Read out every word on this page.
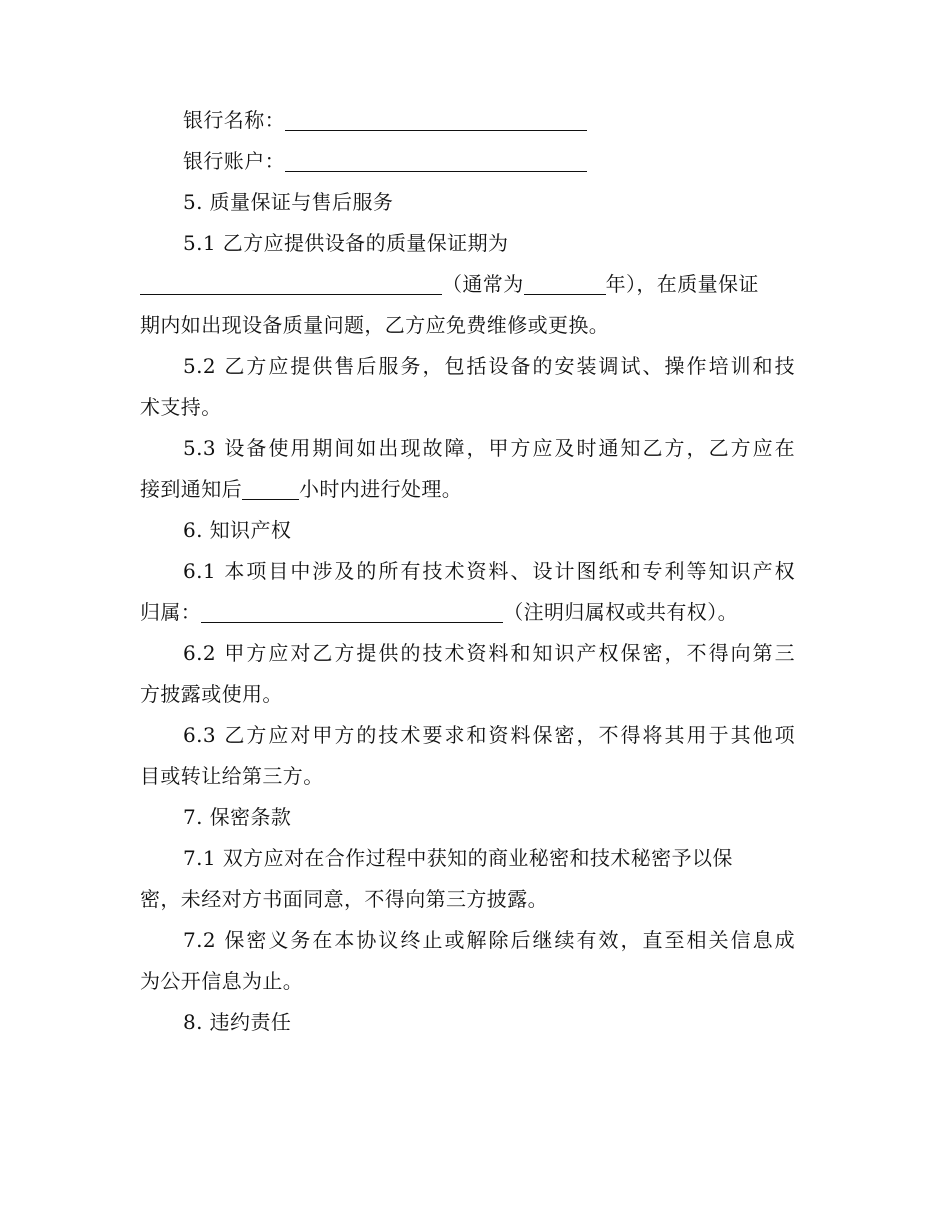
银行名称：
银行账户：
5. 质量保证与售后服务
5.1 乙方应提供设备的质量保证期为
（通常为	年），在质量保证
期内如出现设备质量问题，乙方应免费维修或更换。
5.2 乙方应提供售后服务，包括设备的安装调试、操作培训和技
术支持。
5.3 设备使用期间如出现故障，甲方应及时通知乙方，乙方应在
接到通知后	小时内进行处理。
6. 知识产权
6.1 本项目中涉及的所有技术资料、设计图纸和专利等知识产权
归属：	（注明归属权或共有权）。
6.2 甲方应对乙方提供的技术资料和知识产权保密，不得向第三
方披露或使用。
6.3 乙方应对甲方的技术要求和资料保密，不得将其用于其他项
目或转让给第三方。
7. 保密条款
7.1 双方应对在合作过程中获知的商业秘密和技术秘密予以保
密，未经对方书面同意，不得向第三方披露。
7.2 保密义务在本协议终止或解除后继续有效，直至相关信息成
为公开信息为止。
8. 违约责任
